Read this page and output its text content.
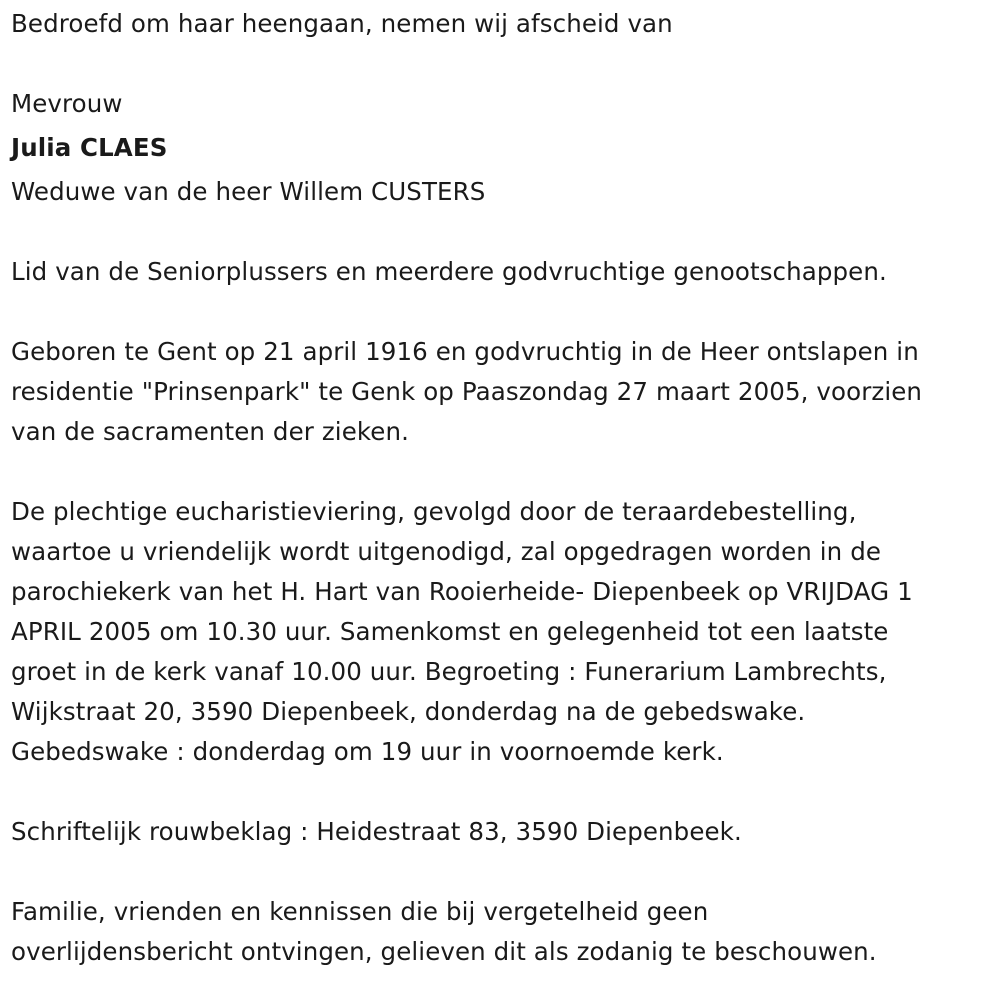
Bedroefd om haar heengaan, nemen wij afscheid van
Mevrouw
Julia CLAES
Weduwe van de heer Willem CUSTERS
Lid van de Seniorplussers en meerdere godvruchtige genootschappen.
Geboren te Gent op 21 april 1916 en godvruchtig in de Heer ontslapen in
residentie "Prinsenpark" te Genk op Paaszondag 27 maart 2005, voorzien
van de sacramenten der zieken.
De plechtige eucharistieviering, gevolgd door de teraardebestelling,
waartoe u vriendelijk wordt uitgenodigd, zal opgedragen worden in de
parochiekerk van het H. Hart van Rooierheide- Diepenbeek op VRIJDAG 1
APRIL 2005 om 10.30 uur. Samenkomst en gelegenheid tot een laatste
groet in de kerk vanaf 10.00 uur. Begroeting : Funerarium Lambrechts,
Wijkstraat 20, 3590 Diepenbeek, donderdag na de gebedswake.
Gebedswake : donderdag om 19 uur in voornoemde kerk.
Schriftelijk rouwbeklag : Heidestraat 83, 3590 Diepenbeek.
Familie, vrienden en kennissen die bij vergetelheid geen
overlijdensbericht ontvingen, gelieven dit als zodanig te beschouwen.
